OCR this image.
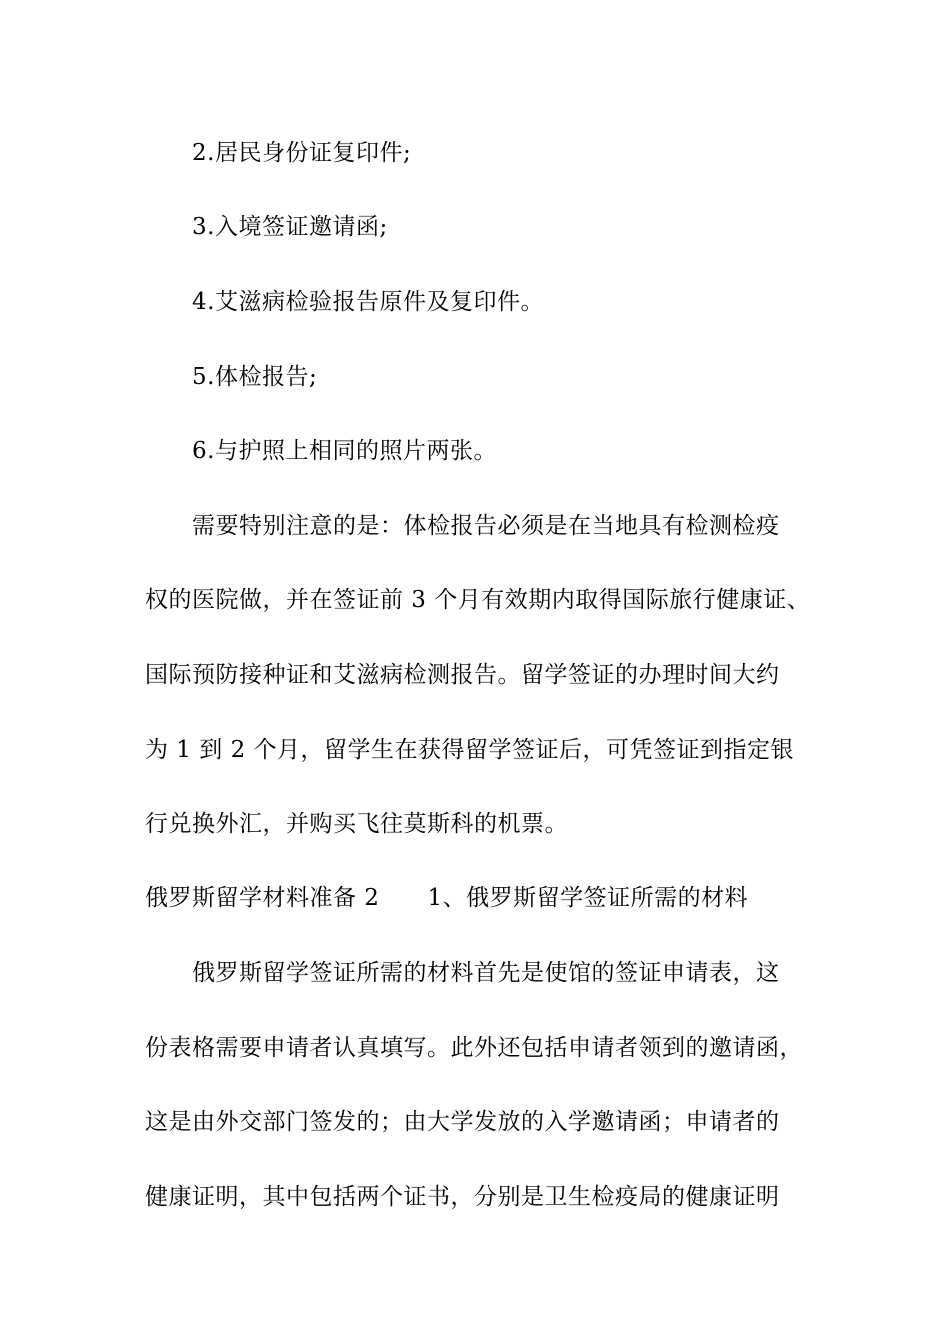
2.居民身份证复印件;
3.入境签证邀请函;
4.艾滋病检验报告原件及复印件。
5.体检报告;
6.与护照上相同的照片两张。
需要特别注意的是：体检报告必须是在当地具有检测检疫
权的医院做，并在签证前 3 个月有效期内取得国际旅行健康证、
国际预防接种证和艾滋病检测报告。留学签证的办理时间大约
为 1 到 2 个月，留学生在获得留学签证后，可凭签证到指定银
行兑换外汇，并购买飞往莫斯科的机票。
俄罗斯留学材料准备 2 1、俄罗斯留学签证所需的材料
俄罗斯留学签证所需的材料首先是使馆的签证申请表，这
份表格需要申请者认真填写。此外还包括申请者领到的邀请函，
这是由外交部门签发的；由大学发放的入学邀请函；申请者的
健康证明，其中包括两个证书，分别是卫生检疫局的健康证明
